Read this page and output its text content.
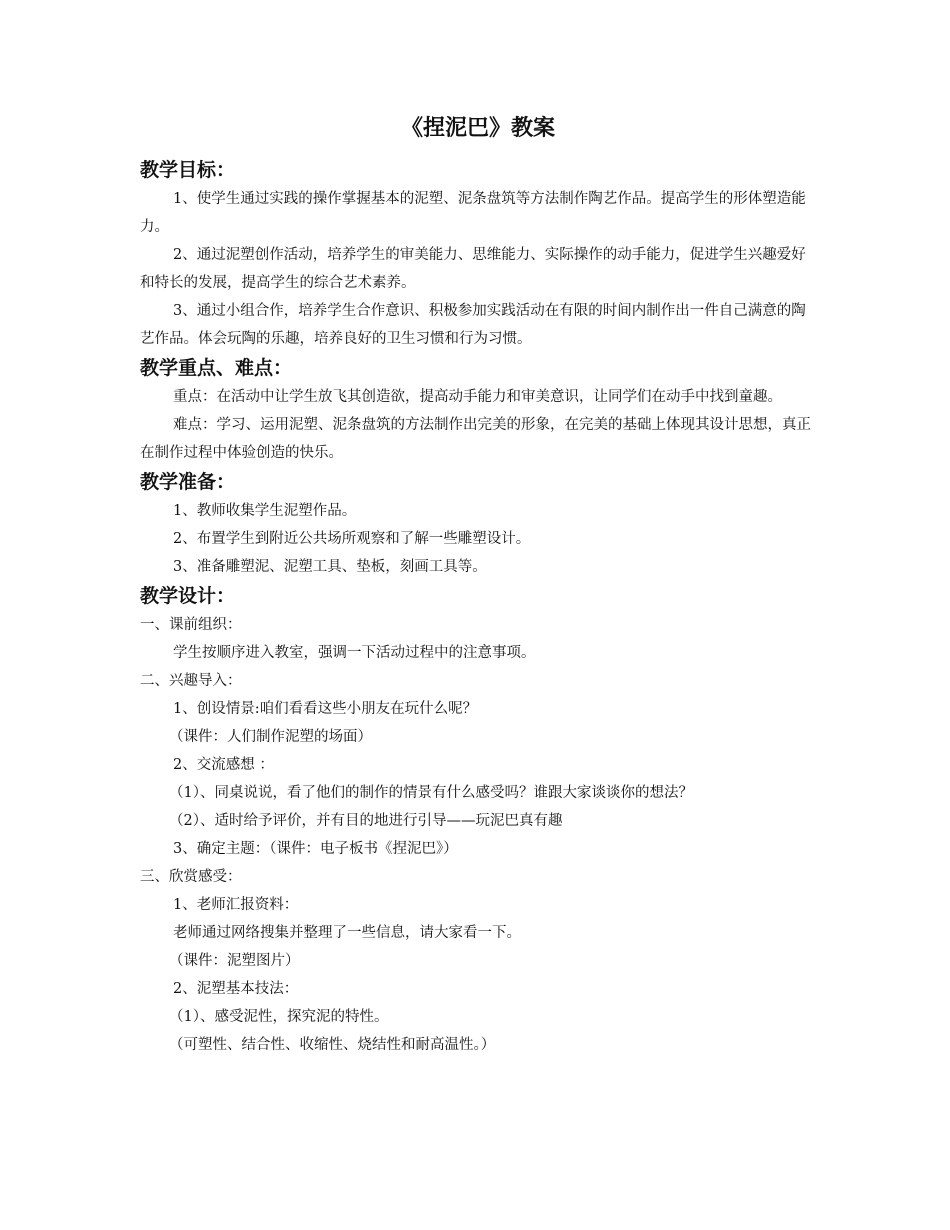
《捏泥巴》教案
教学目标：

1、使学生通过实践的操作掌握基本的泥塑、泥条盘筑等方法制作陶艺作品。提高学生的形体塑造能力。

2、通过泥塑创作活动，培养学生的审美能力、思维能力、实际操作的动手能力，促进学生兴趣爱好和特长的发展，提高学生的综合艺术素养。

3、通过小组合作，培养学生合作意识、积极参加实践活动在有限的时间内制作出一件自己满意的陶艺作品。体会玩陶的乐趣，培养良好的卫生习惯和行为习惯。

教学重点、难点：

重点：在活动中让学生放飞其创造欲，提高动手能力和审美意识，让同学们在动手中找到童趣。

难点：学习、运用泥塑、泥条盘筑的方法制作出完美的形象，在完美的基础上体现其设计思想，真正在制作过程中体验创造的快乐。

教学准备：

1、教师收集学生泥塑作品。

2、布置学生到附近公共场所观察和了解一些雕塑设计。

3、准备雕塑泥、泥塑工具、垫板，刻画工具等。

教学设计：

一、课前组织：

学生按顺序进入教室，强调一下活动过程中的注意事项。

二、兴趣导入：

1、创设情景:咱们看看这些小朋友在玩什么呢？

（课件：人们制作泥塑的场面）

2、交流感想 ：

（1）、同桌说说，看了他们的制作的情景有什么感受吗？谁跟大家谈谈你的想法？

（2）、适时给予评价，并有目的地进行引导——玩泥巴真有趣

3、确定主题：（课件：电子板书《捏泥巴》）

三、欣赏感受：

1、老师汇报资料：

老师通过网络搜集并整理了一些信息，请大家看一下。

（课件：泥塑图片）

2、泥塑基本技法：

（1）、感受泥性，探究泥的特性。

（可塑性、结合性、收缩性、烧结性和耐高温性。）
